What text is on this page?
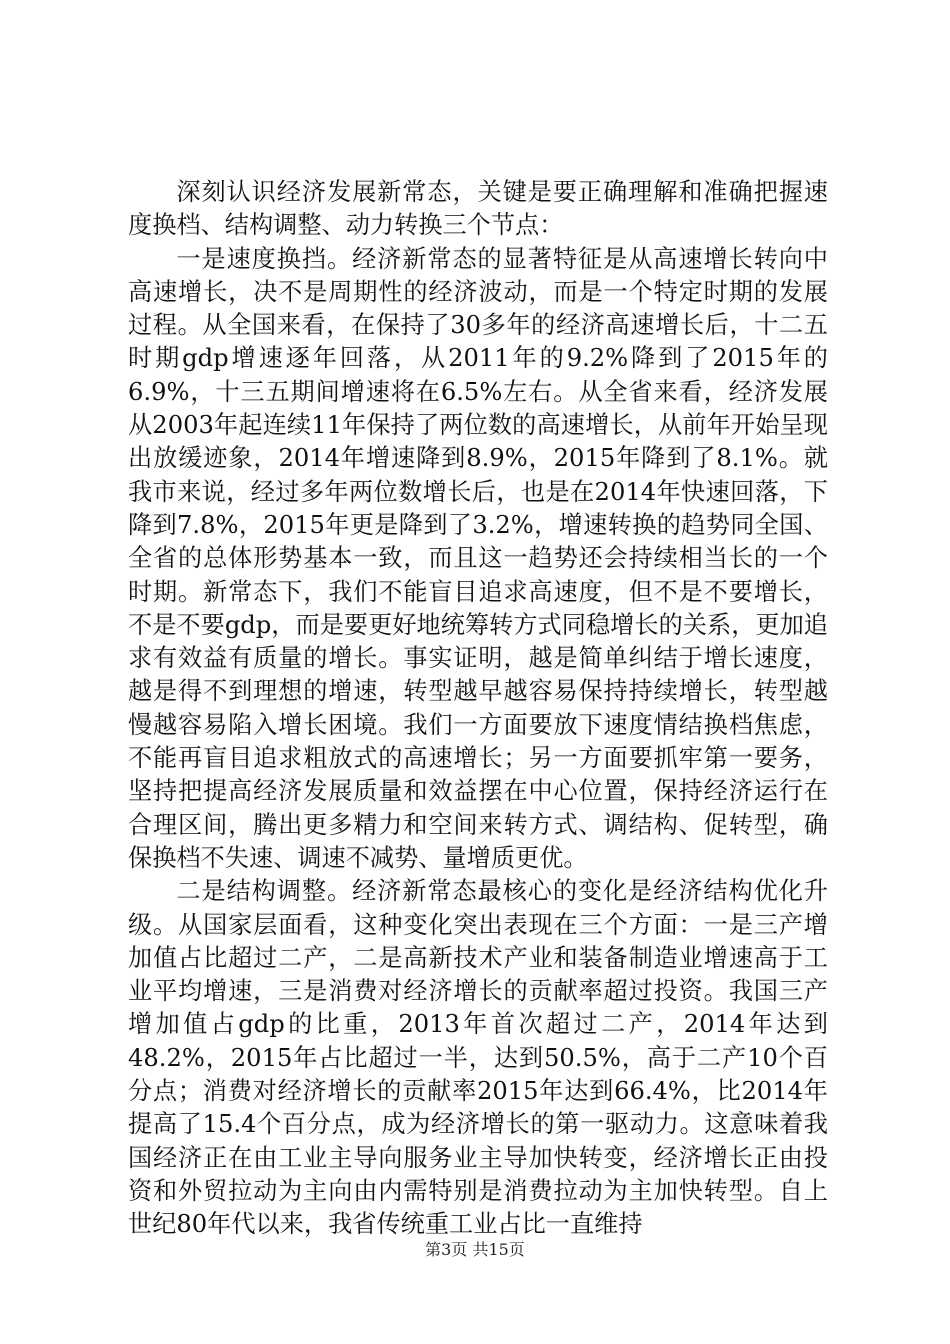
深刻认识经济发展新常态，关键是要正确理解和准确把握速度换档、结构调整、动力转换三个节点：

一是速度换挡。经济新常态的显著特征是从高速增长转向中高速增长，决不是周期性的经济波动，而是一个特定时期的发展过程。从全国来看，在保持了30多年的经济高速增长后，十二五时期gdp增速逐年回落，从2011年的9.2%降到了2015年的6.9%，十三五期间增速将在6.5%左右。从全省来看，经济发展从2003年起连续11年保持了两位数的高速增长，从前年开始呈现出放缓迹象，2014年增速降到8.9%，2015年降到了8.1%。就我市来说，经过多年两位数增长后，也是在2014年快速回落，下降到7.8%，2015年更是降到了3.2%，增速转换的趋势同全国、全省的总体形势基本一致，而且这一趋势还会持续相当长的一个时期。新常态下，我们不能盲目追求高速度，但不是不要增长，不是不要gdp，而是要更好地统筹转方式同稳增长的关系，更加追求有效益有质量的增长。事实证明，越是简单纠结于增长速度，越是得不到理想的增速，转型越早越容易保持持续增长，转型越慢越容易陷入增长困境。我们一方面要放下速度情结换档焦虑，不能再盲目追求粗放式的高速增长；另一方面要抓牢第一要务，坚持把提高经济发展质量和效益摆在中心位置，保持经济运行在合理区间，腾出更多精力和空间来转方式、调结构、促转型，确保换档不失速、调速不减势、量增质更优。

二是结构调整。经济新常态最核心的变化是经济结构优化升级。从国家层面看，这种变化突出表现在三个方面：一是三产增加值占比超过二产，二是高新技术产业和装备制造业增速高于工业平均增速，三是消费对经济增长的贡献率超过投资。我国三产增加值占gdp的比重，2013年首次超过二产，2014年达到48.2%，2015年占比超过一半，达到50.5%，高于二产10个百分点；消费对经济增长的贡献率2015年达到66.4%，比2014年提高了15.4个百分点，成为经济增长的第一驱动力。这意味着我国经济正在由工业主导向服务业主导加快转变，经济增长正由投资和外贸拉动为主向由内需特别是消费拉动为主加快转型。自上世纪80年代以来，我省传统重工业占比一直维持

第3页 共15页
